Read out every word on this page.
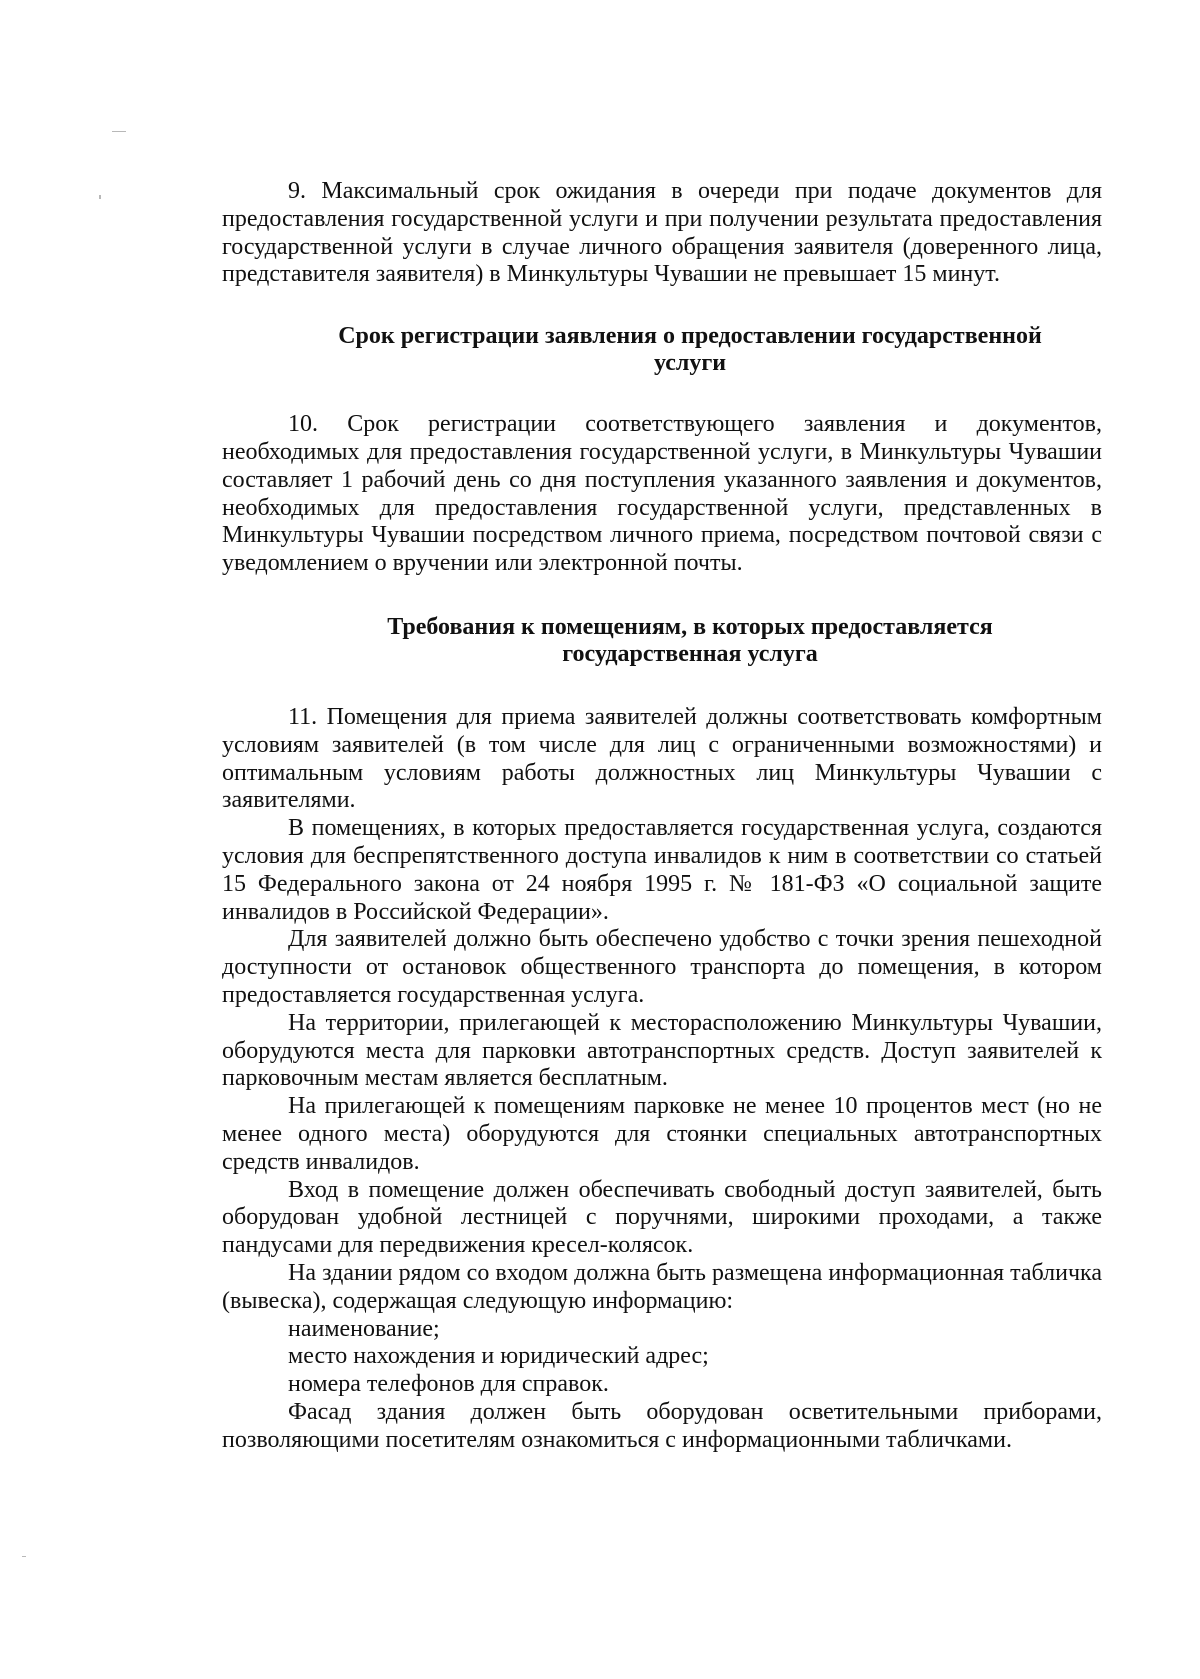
9. Максимальный срок ожидания в очереди при подаче документов для предоставления государственной услуги и при получении результата предоставления государственной услуги в случае личного обращения заявителя (доверенного лица, представителя заявителя) в Минкультуры Чувашии не превышает 15 минут.

Срок регистрации заявления о предоставлении государственной
услуги

10. Срок регистрации соответствующего заявления и документов, необходимых для предоставления государственной услуги, в Минкультуры Чувашии составляет 1 рабочий день со дня поступления указанного заявления и документов, необходимых для предоставления государственной услуги, представленных в Минкультуры Чувашии посредством личного приема, посредством почтовой связи с уведомлением о вручении или электронной почты.

Требования к помещениям, в которых предоставляется
государственная услуга

11. Помещения для приема заявителей должны соответствовать комфортным условиям заявителей (в том числе для лиц с ограниченными возможностями) и оптимальным условиям работы должностных лиц Минкультуры Чувашии с заявителями.

В помещениях, в которых предоставляется государственная услуга, создаются условия для беспрепятственного доступа инвалидов к ним в соответствии со статьей 15 Федерального закона от 24 ноября 1995 г. № 181-ФЗ «О социальной защите инвалидов в Российской Федерации».

Для заявителей должно быть обеспечено удобство с точки зрения пешеходной доступности от остановок общественного транспорта до помещения, в котором предоставляется государственная услуга.

На территории, прилегающей к месторасположению Минкультуры Чувашии, оборудуются места для парковки автотранспортных средств. Доступ заявителей к парковочным местам является бесплатным.

На прилегающей к помещениям парковке не менее 10 процентов мест (но не менее одного места) оборудуются для стоянки специальных автотранспортных средств инвалидов.

Вход в помещение должен обеспечивать свободный доступ заявителей, быть оборудован удобной лестницей с поручнями, широкими проходами, а также пандусами для передвижения кресел-колясок.

На здании рядом со входом должна быть размещена информационная табличка (вывеска), содержащая следующую информацию:

наименование;

место нахождения и юридический адрес;

номера телефонов для справок.

Фасад здания должен быть оборудован осветительными приборами, позволяющими посетителям ознакомиться с информационными табличками.
